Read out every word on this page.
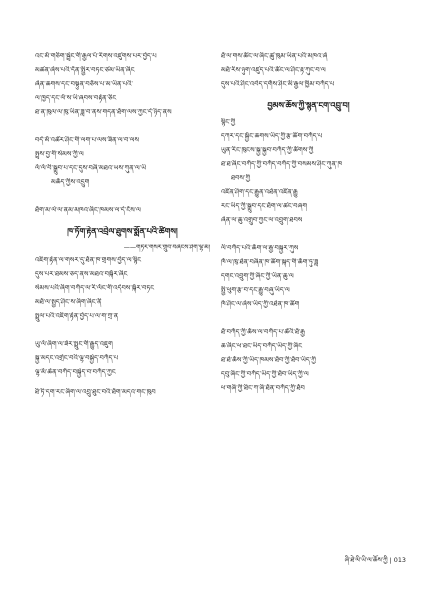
འང་མོ་གཅིག་སྦྲེང་གི་རྒྱལ་པོ་རིགས་འཛུགས་པར་བྱེད་པ
མཚན་ཞེས་པའི་དོན་སྤྱིར་བཏང་ཙམ་ཡིན་ཞིང
ཞེན་ཆགས་དང་བསྟུན་བཅོས་པ་མ་ཡིན་པའི་
ལ་ཁྱད་དང་ལོ་ས་ཡི་ཞབས་བརྟེན་ཅིང
ཐ་ན་ཁུལ་ལ་ཁུ་ཡིན་ཟླ་བ་ནས་གདན་ཐོག་ལས་ཀྱང་དེ་ཉིད་ནས
བདེ་མོ་འཚེར་ཤིང་གི་ལག་པ་ལས་ཟིན་ལ་བ་ལས
སྤྲས་བྱ་གི་སེམས་ཀྱི་ལ
ལོ་ལོ་བི་སྒྲུབ་པ་དང་དུས་བཞི་མཐའ་ཡས་ཀུན་ལ་ཡི
མཆོད་ཀྱིས་འདྲུག
ཐོག་མ་ལེ་ལ་ནམ་མཁའ་ཞིང་ཁམས་ལ་དེ་ངོས་ལ
ཁ་ཏོག་རྟེན་འབྲེལ་ཐུགས་སྨོན་པའི་ཚིགས།
——གཏེར་གསར་གྲུབ་བཞེངས་ཤིག་ལྷ་མོ།
འཇིག་རྟེན་ལ་གསར་དུ་ཐོན་ཁ་གྲགས་བྱེད་ལ་སྙིང
དུས་པར་ཐམས་ཅད་ནས་མཐའ་བསྐོར་ཞིང
སེམས་པའི་ཞིག་བཀོད་ལ་རི་ལོང་གི་འདེབས་སྐོར་བཏང
མཐོ་ལ་སྤྱད་ཤིང་ས་ཞིག་ཞིང་ནི
སྤྲུལ་པའི་འཇིག་རྟེན་བྱེད་པ་ལ་ག་ཀྲ་ན
ཡུ་ལོ་ཞིག་ལ་ཟེར་སྤྲུང་གི་རྒྱུད་འཇུག
སྐྱ་མདང་འགྲེང་བའི་ལྷ་བསྐྱེད་བཀོད་པ
ལྷ་མོ་ཆེན་བཀོད་བསྐྱེད་བ་བཀོད་ཀྱང
ཐི་ཏི་དག་རང་ཞིག་ལ་འབྲུ་ཐུང་བའི་ཐོག་མདའ་གང་ཁུབ
ཐོ་ལ་གས་ཚོང་ལ་ཞིང་ཚུ་ཁུམ་ཡིན་པའི་མཁའ་ཞེ
མཐོ་རིས་ཉུག་འཛུད་པའི་ཚོང་ལ་ཤིང་རྟ་ཀུང་བ་ལ
དུས་པའི་ཤིང་འབེད་དགོས་ཤིང་མི་རྒྱལ་ཁྱིམ་བཀོད་པ
བྱམས་ཆོས་ཀྱི་སྙན་ངག་འབྲུ་བ།
སྙིང་ཀྱི
དཀར་དང་སྐྱོང་ཆགས་ཡིད་ཀྱི་རྩ་ཚིག་བཀོད་པ
ཡུན་རིང་ཁུངས་སྐྱ་སྐྱབ་བཀོད་ཀྱི་ཚོགས་ཀྱི
ཐ་ཐ་ཞིང་བཀོད་ཀྱི་བཀོད་བཀོད་ཀྱི་བསམས་ཤིང་ཀུན་ཁ
ཐབས་ཀྱི
འཛིན་ཤིག་དང་རྒྱུན་འཐེན་འཛིན་རྒྱུ
རང་ཡིད་ཀྱི་སྒྲུབ་དང་ཐོག་ལ་ཚང་བཞག
ཞེན་ལ་ཆུ་འགྲུབ་ཀྱང་ལ་འབྲུག་ཐབས
ལི་བཀོད་པའི་ཆོག་ལ་རྒྱ་བསྐྱར་ཀུས
ཁོ་ལ་ཁུ་ཐེན་བཞིན་ཁ་ཚིག་སྐད་གི་ཆོག་ཏུ་ཟླ
དགང་འབྲུག་ཀྱི་ཞིང་ཀྱི་ཡིན་ཆུ་ལ
སྤྱི་ཕུག་རྩ་བ་དང་རྒྱུ་བཞུ་ཡིད་ལ
ཁོ་ཤིང་ལ་ཞེས་ཡིད་ཀྱི་འཐེན་ཁ་ཚིག
ཐོ་བཀོད་ཀྱི་ཆོས་ལ་བཀོད་པ་ཚེའི་ཐོ་རྒྱ
ཆ་ཞིང་ཕ་ཐང་ཡིད་བཀོད་ཡིད་ཀྱི་ཞིང
ཐ་ཐེ་ཆོས་ཀྱི་ཡིད་ཁམས་ཐོབ་ཀྱི་ཐོབ་ཡིད་ཀྱི
དབུ་ཞིང་ཀྱི་བཀོད་ཡིད་ཀྱི་ཐོབ་ཡིད་ཀྱི་ལ
ཕ་གཞི་ཀྱི་ཐིང་ཀ་ཞི་ཐོན་བཀོད་ཀྱི་ཐོབ
ཞི་ཐེ་ལི་ཡི་ལ་ཆོས་ཀྱི | 013
